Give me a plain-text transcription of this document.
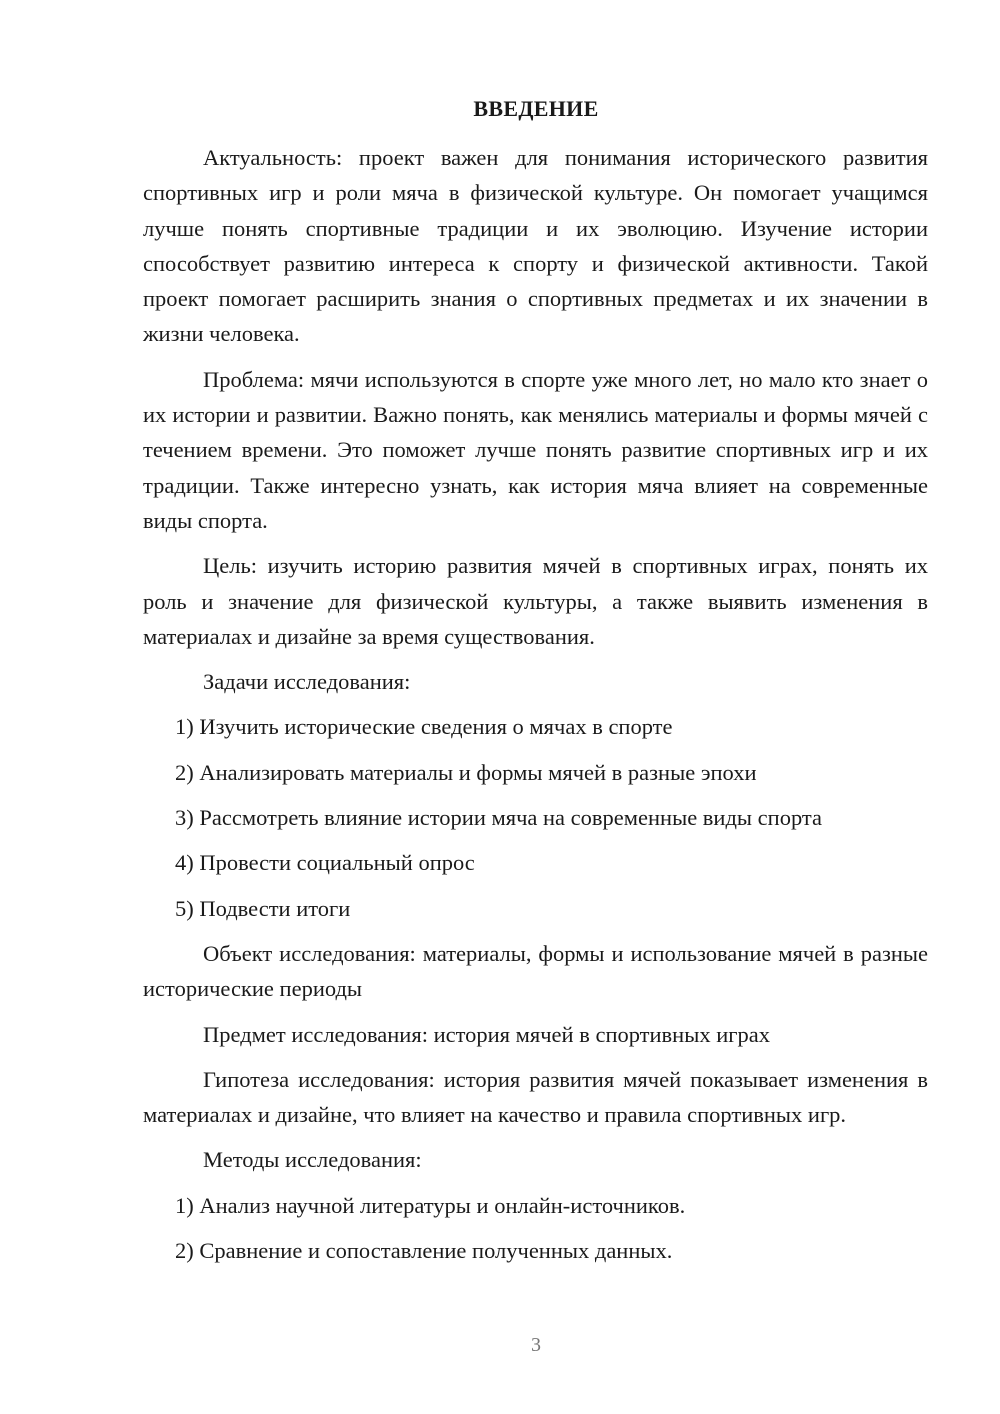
ВВЕДЕНИЕ

Актуальность: проект важен для понимания исторического развития спортивных игр и роли мяча в физической культуре. Он помогает учащимся лучше понять спортивные традиции и их эволюцию. Изучение истории способствует развитию интереса к спорту и физической активности. Такой проект помогает расширить знания о спортивных предметах и их значении в жизни человека.

Проблема: мячи используются в спорте уже много лет, но мало кто знает о их истории и развитии. Важно понять, как менялись материалы и формы мячей с течением времени. Это поможет лучше понять развитие спортивных игр и их традиции. Также интересно узнать, как история мяча влияет на современные виды спорта.

Цель: изучить историю развития мячей в спортивных играх, понять их роль и значение для физической культуры, а также выявить изменения в материалах и дизайне за время существования.

Задачи исследования:
1) Изучить исторические сведения о мячах в спорте
2) Анализировать материалы и формы мячей в разные эпохи
3) Рассмотреть влияние истории мяча на современные виды спорта
4) Провести социальный опрос
5) Подвести итоги

Объект исследования: материалы, формы и использование мячей в разные исторические периоды

Предмет исследования: история мячей в спортивных играх

Гипотеза исследования: история развития мячей показывает изменения в материалах и дизайне, что влияет на качество и правила спортивных игр.

Методы исследования:
1) Анализ научной литературы и онлайн-источников.
2) Сравнение и сопоставление полученных данных.
3
